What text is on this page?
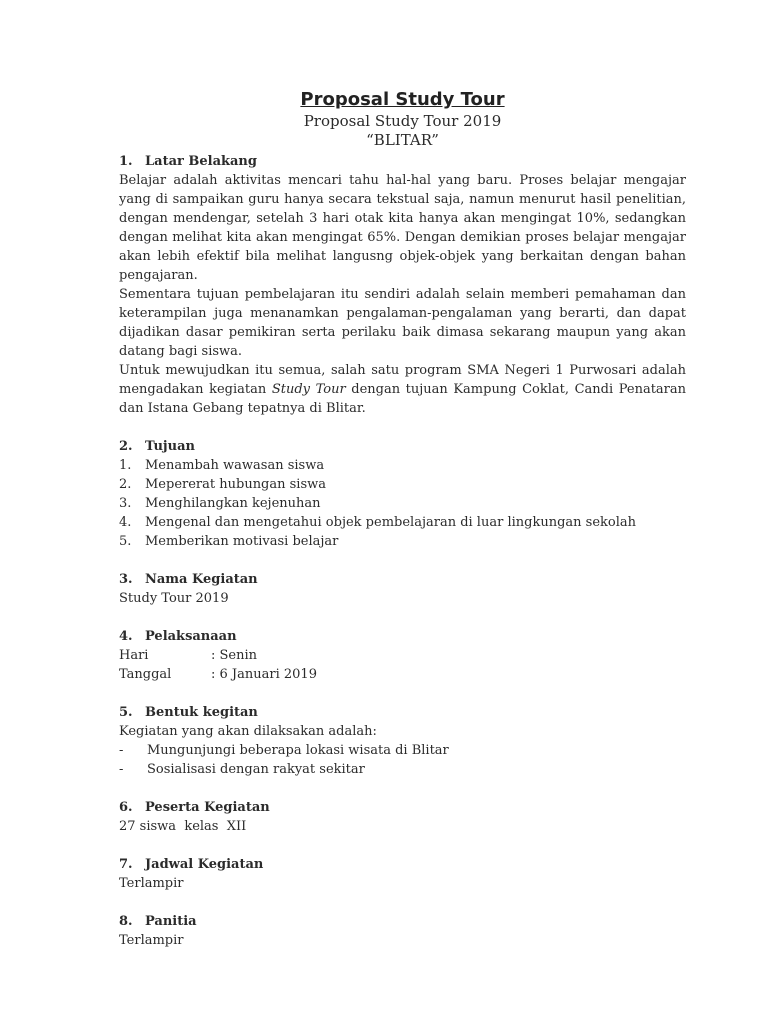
Proposal Study Tour

Proposal Study Tour 2019

“BLITAR”

1. Latar Belakang

Belajar adalah aktivitas mencari tahu hal-hal yang baru. Proses belajar mengajar yang di sampaikan guru hanya secara tekstual saja, namun menurut hasil penelitian, dengan mendengar, setelah 3 hari otak kita hanya akan mengingat 10%, sedangkan dengan melihat kita akan mengingat 65%. Dengan demikian proses belajar mengajar akan lebih efektif bila melihat langusng objek-objek yang berkaitan dengan bahan pengajaran.

Sementara tujuan pembelajaran itu sendiri adalah selain memberi pemahaman dan keterampilan juga menanamkan pengalaman-pengalaman yang berarti, dan dapat dijadikan dasar pemikiran serta perilaku baik dimasa sekarang maupun yang akan datang bagi siswa.

Untuk mewujudkan itu semua, salah satu program SMA Negeri 1 Purwosari adalah mengadakan kegiatan Study Tour dengan tujuan Kampung Coklat, Candi Penataran dan Istana Gebang tepatnya di Blitar.

2. Tujuan

1.	Menambah wawasan siswa
2.	Mepererat hubungan siswa
3.	Menghilangkan kejenuhan
4.	Mengenal dan mengetahui objek pembelajaran di luar lingkungan sekolah
5.	Memberikan motivasi belajar

3. Nama Kegiatan

Study Tour 2019

4. Pelaksanaan

Hari	: Senin

Tanggal	: 6 Januari 2019

5. Bentuk kegitan

Kegiatan yang akan dilaksakan adalah:

-	Mungunjungi beberapa lokasi wisata di Blitar
-	Sosialisasi dengan rakyat sekitar

6. Peserta Kegiatan

27 siswa  kelas  XII

7. Jadwal Kegiatan

Terlampir

8. Panitia

Terlampir
